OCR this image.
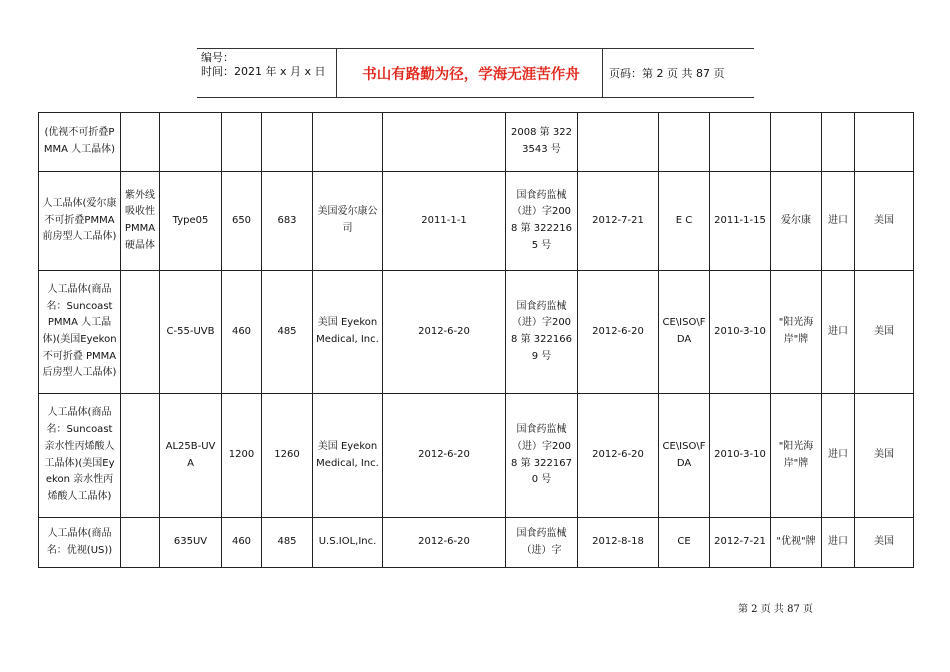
编号：
时间：2021 年 x 月 x 日	书山有路勤为径，学海无涯苦作舟	页码：第 2 页 共 87 页
(优视不可折叠PMMA 人工晶体)							2008 第 3223543 号						
人工晶体(爱尔康不可折叠PMMA 前房型人工晶体)	紫外线吸收性PMMA 硬晶体	Type05	650	683	美国爱尔康公司	2011-1-1	国食药监械（进）字2008 第 3222165 号	2012-7-21	E C	2011-1-15	爱尔康	进口	美国
人工晶体(商品名：Suncoast PMMA 人工晶体)(美国Eyekon 不可折叠 PMMA 后房型人工晶体)		C-55-UVB	460	485	美国 Eyekon Medical, Inc.	2012-6-20	国食药监械（进）字2008 第 3221669 号	2012-6-20	CE\ISO\FDA	2010-3-10	"阳光海岸"牌	进口	美国
人工晶体(商品名：Suncoast 亲水性丙烯酸人工晶体)(美国Eyekon 亲水性丙烯酸人工晶体)		AL25B-UVA	1200	1260	美国 Eyekon Medical, Inc.	2012-6-20	国食药监械（进）字2008 第 3221670 号	2012-6-20	CE\ISO\FDA	2010-3-10	"阳光海岸"牌	进口	美国
人工晶体(商品名：优视(US))		635UV	460	485	U.S.IOL,Inc.	2012-6-20	国食药监械（进）字	2012-8-18	CE	2012-7-21	"优视"牌	进口	美国
第 2 页 共 87 页
